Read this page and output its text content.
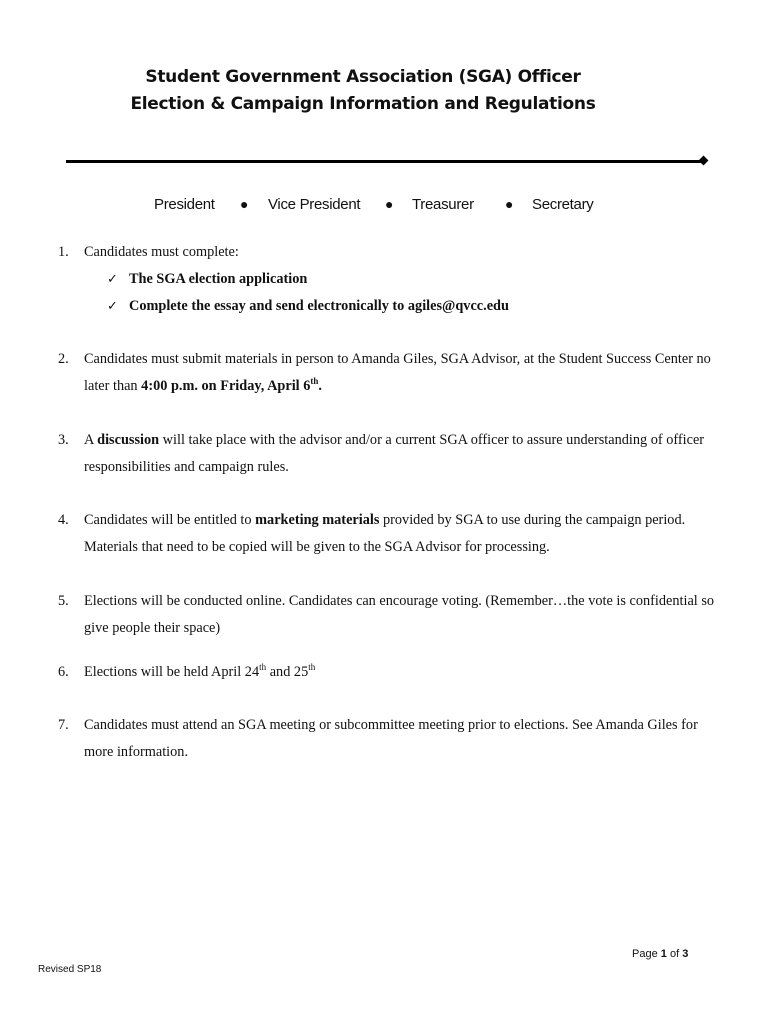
Student Government Association (SGA) Officer
Election & Campaign Information and Regulations
President ● Vice President ● Treasurer ● Secretary
1. Candidates must complete:
✓ The SGA election application
✓ Complete the essay and send electronically to agiles@qvcc.edu
2. Candidates must submit materials in person to Amanda Giles, SGA Advisor, at the Student Success Center no later than 4:00 p.m. on Friday, April 6th.
3. A discussion will take place with the advisor and/or a current SGA officer to assure understanding of officer responsibilities and campaign rules.
4. Candidates will be entitled to marketing materials provided by SGA to use during the campaign period. Materials that need to be copied will be given to the SGA Advisor for processing.
5. Elections will be conducted online. Candidates can encourage voting. (Remember…the vote is confidential so give people their space)
6. Elections will be held April 24th and 25th
7. Candidates must attend an SGA meeting or subcommittee meeting prior to elections. See Amanda Giles for more information.
Page 1 of 3
Revised SP18
